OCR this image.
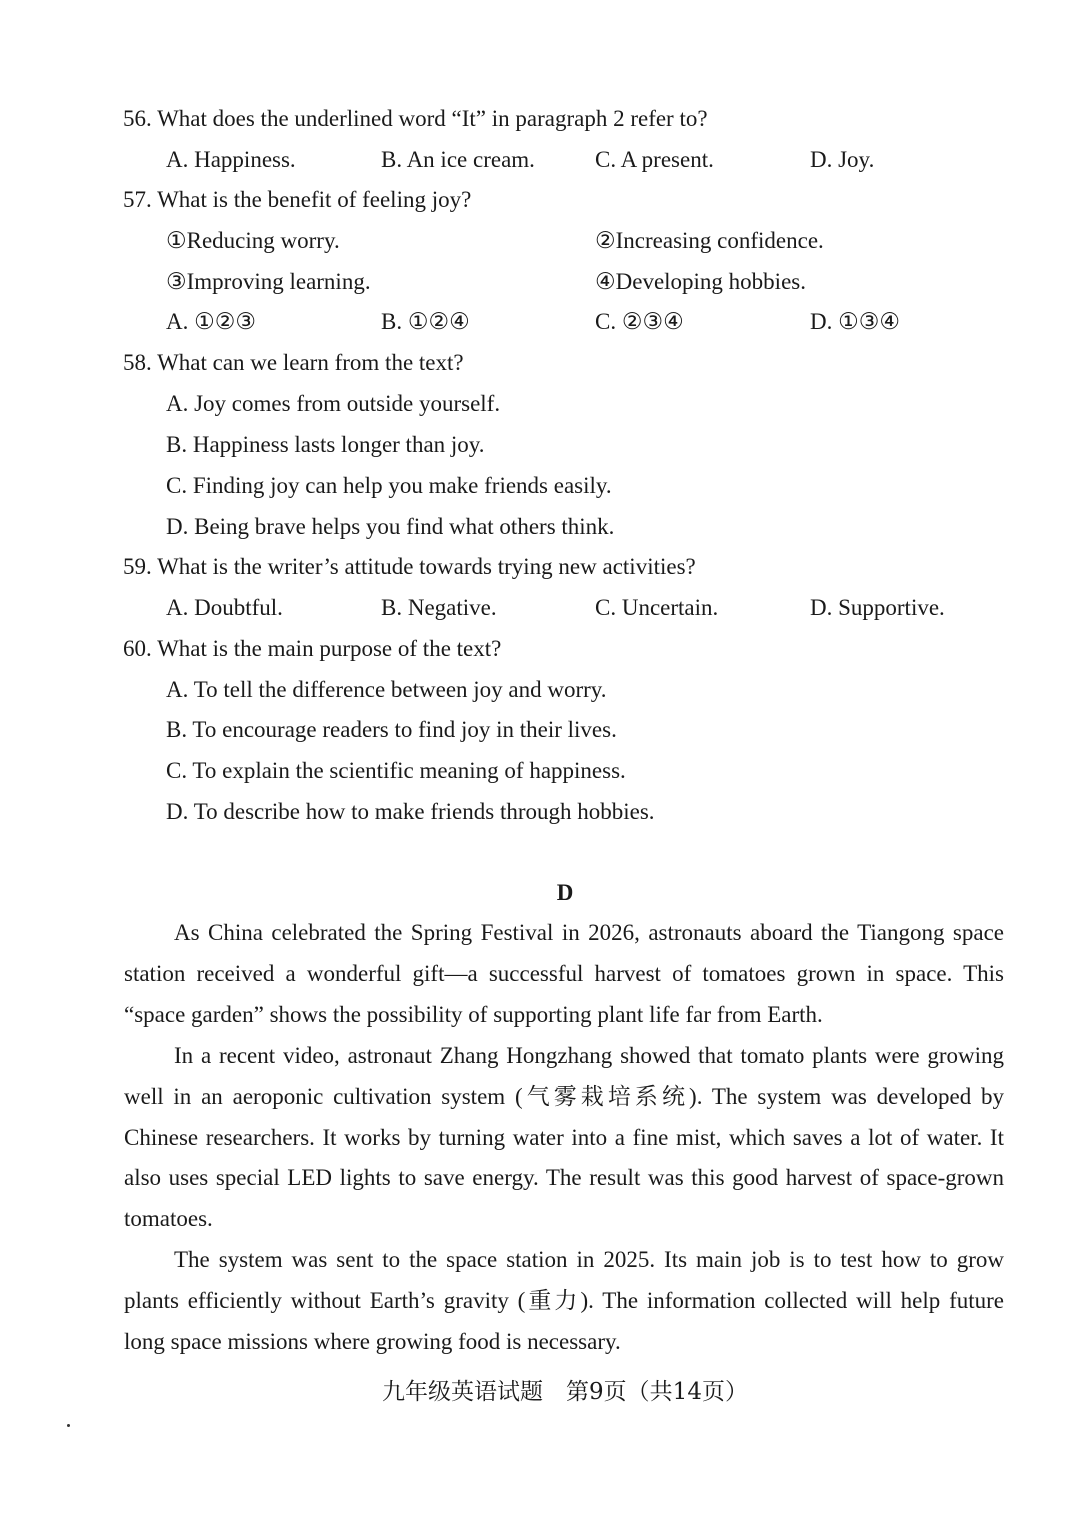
56. What does the underlined word “It” in paragraph 2 refer to?
A. Happiness.	B. An ice cream.	C. A present.	D. Joy.
57. What is the benefit of feeling joy?
①Reducing worry.	②Increasing confidence.
③Improving learning.	④Developing hobbies.
A. ①②③	B. ①②④	C. ②③④	D. ①③④
58. What can we learn from the text?
A. Joy comes from outside yourself.
B. Happiness lasts longer than joy.
C. Finding joy can help you make friends easily.
D. Being brave helps you find what others think.
59. What is the writer’s attitude towards trying new activities?
A. Doubtful.	B. Negative.	C. Uncertain.	D. Supportive.
60. What is the main purpose of the text?
A. To tell the difference between joy and worry.
B. To encourage readers to find joy in their lives.
C. To explain the scientific meaning of happiness.
D. To describe how to make friends through hobbies.
D

As China celebrated the Spring Festival in 2026, astronauts aboard the Tiangong space station received a wonderful gift—a successful harvest of tomatoes grown in space. This “space garden” shows the possibility of supporting plant life far from Earth.

In a recent video, astronaut Zhang Hongzhang showed that tomato plants were growing well in an aeroponic cultivation system (气雾栽培系统). The system was developed by Chinese researchers. It works by turning water into a fine mist, which saves a lot of water. It also uses special LED lights to save energy. The result was this good harvest of space-grown tomatoes.

The system was sent to the space station in 2025. Its main job is to test how to grow plants efficiently without Earth’s gravity (重力). The information collected will help future long space missions where growing food is necessary.

九年级英语试题　第9页（共14页）
